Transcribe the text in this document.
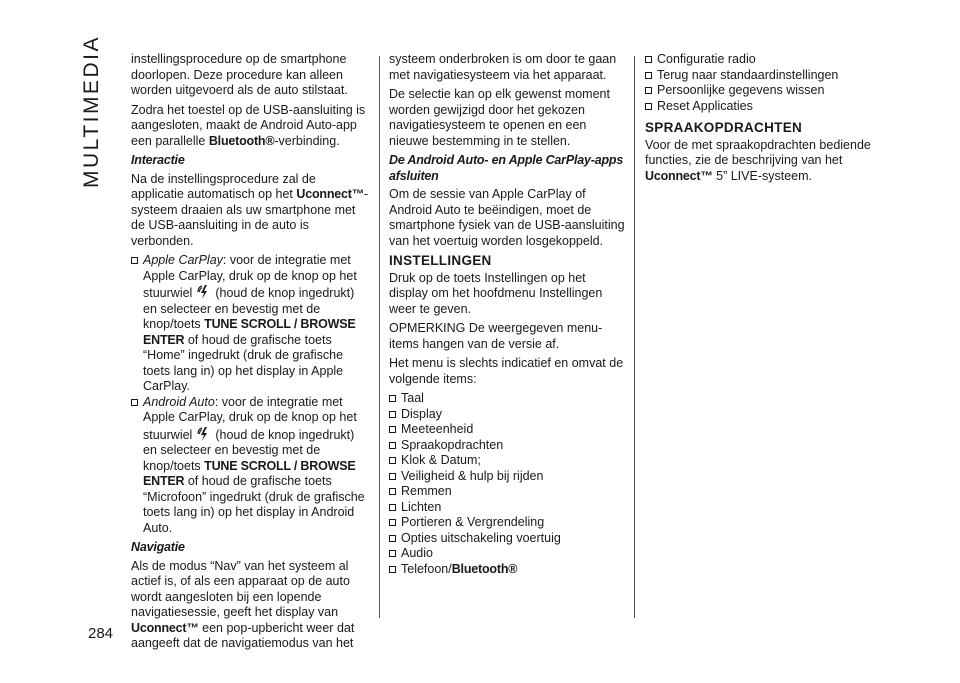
MULTIMEDIA
284

instellingsprocedure op de smartphone doorlopen. Deze procedure kan alleen worden uitgevoerd als de auto stilstaat.

Zodra het toestel op de USB-aansluiting is aangesloten, maakt de Android Auto-app een parallelle Bluetooth®-verbinding.

Interactie

Na de instellingsprocedure zal de applicatie automatisch op het Uconnect™-systeem draaien als uw smartphone met de USB-aansluiting in de auto is verbonden.

Apple CarPlay: voor de integratie met Apple CarPlay, druk op de knop op het stuurwiel (houd de knop ingedrukt) en selecteer en bevestig met de knop/toets TUNE SCROLL / BROWSE ENTER of houd de grafische toets “Home” ingedrukt (druk de grafische toets lang in) op het display in Apple CarPlay.
Android Auto: voor de integratie met Apple CarPlay, druk op de knop op het stuurwiel (houd de knop ingedrukt) en selecteer en bevestig met de knop/toets TUNE SCROLL / BROWSE ENTER of houd de grafische toets “Microfoon” ingedrukt (druk de grafische toets lang in) op het display in Android Auto.
Navigatie

Als de modus “Nav” van het systeem al actief is, of als een apparaat op de auto wordt aangesloten bij een lopende navigatiesessie, geeft het display van Uconnect™ een pop-upbericht weer dat aangeeft dat de navigatiemodus van het

systeem onderbroken is om door te gaan met navigatiesysteem via het apparaat.

De selectie kan op elk gewenst moment worden gewijzigd door het gekozen navigatiesysteem te openen en een nieuwe bestemming in te stellen.

De Android Auto- en Apple CarPlay-apps afsluiten

Om de sessie van Apple CarPlay of Android Auto te beëindigen, moet de smartphone fysiek van de USB-aansluiting van het voertuig worden losgekoppeld.

INSTELLINGEN

Druk op de toets Instellingen op het display om het hoofdmenu Instellingen weer te geven.

OPMERKING De weergegeven menu-items hangen van de versie af.

Het menu is slechts indicatief en omvat de volgende items:

Taal
Display
Meeteenheid
Spraakopdrachten
Klok & Datum;
Veiligheid & hulp bij rijden
Remmen
Lichten
Portieren & Vergrendeling
Opties uitschakeling voertuig
Audio
Telefoon/Bluetooth®
Configuratie radio
Terug naar standaardinstellingen
Persoonlijke gegevens wissen
Reset Applicaties
SPRAAKOPDRACHTEN

Voor de met spraakopdrachten bediende functies, zie de beschrijving van het Uconnect™ 5” LIVE-systeem.
